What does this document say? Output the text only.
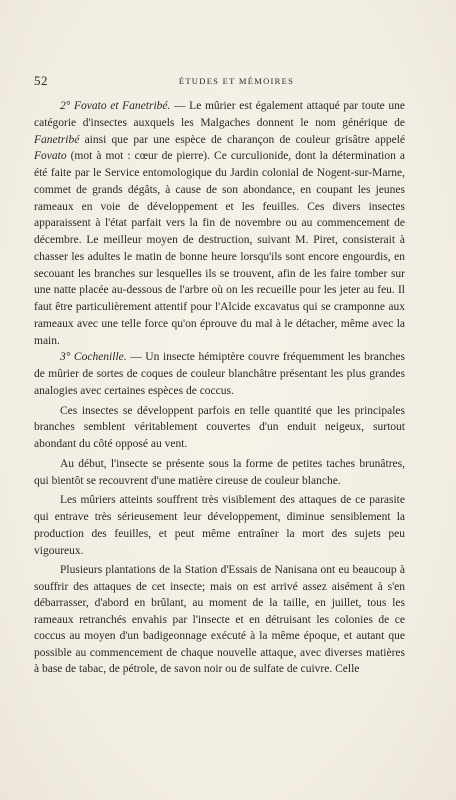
52	ÉTUDES ET MÉMOIRES

2° Fovato et Fanetribé. — Le mûrier est également attaqué par toute une catégorie d'insectes auxquels les Malgaches donnent le nom générique de Fanetribé ainsi que par une espèce de charançon de couleur grisâtre appelé Fovato (mot à mot : cœur de pierre). Ce curculionide, dont la détermination a été faite par le Service entomologique du Jardin colonial de Nogent-sur-Marne, commet de grands dégâts, à cause de son abondance, en coupant les jeunes rameaux en voie de développement et les feuilles. Ces divers insectes apparaissent à l'état parfait vers la fin de novembre ou au commencement de décembre. Le meilleur moyen de destruction, suivant M. Piret, consisterait à chasser les adultes le matin de bonne heure lorsqu'ils sont encore engourdis, en secouant les branches sur lesquelles ils se trouvent, afin de les faire tomber sur une natte placée au-dessous de l'arbre où on les recueille pour les jeter au feu. Il faut être particulièrement attentif pour l'Alcide excavatus qui se cramponne aux rameaux avec une telle force qu'on éprouve du mal à le détacher, même avec la main.

3° Cochenille. — Un insecte hémiptère couvre fréquemment les branches de mûrier de sortes de coques de couleur blanchâtre présentant les plus grandes analogies avec certaines espèces de coccus.

Ces insectes se développent parfois en telle quantité que les principales branches semblent véritablement couvertes d'un enduit neigeux, surtout abondant du côté opposé au vent.

Au début, l'insecte se présente sous la forme de petites taches brunâtres, qui bientôt se recouvrent d'une matière cireuse de couleur blanche.

Les mûriers atteints souffrent très visiblement des attaques de ce parasite qui entrave très sérieusement leur développement, diminue sensiblement la production des feuilles, et peut même entraîner la mort des sujets peu vigoureux.

Plusieurs plantations de la Station d'Essais de Nanisana ont eu beaucoup à souffrir des attaques de cet insecte; mais on est arrivé assez aisément à s'en débarrasser, d'abord en brûlant, au moment de la taille, en juillet, tous les rameaux retranchés envahis par l'insecte et en détruisant les colonies de ce coccus au moyen d'un badigeonnage exécuté à la même époque, et autant que possible au commencement de chaque nouvelle attaque, avec diverses matières à base de tabac, de pétrole, de savon noir ou de sulfate de cuivre. Celle
